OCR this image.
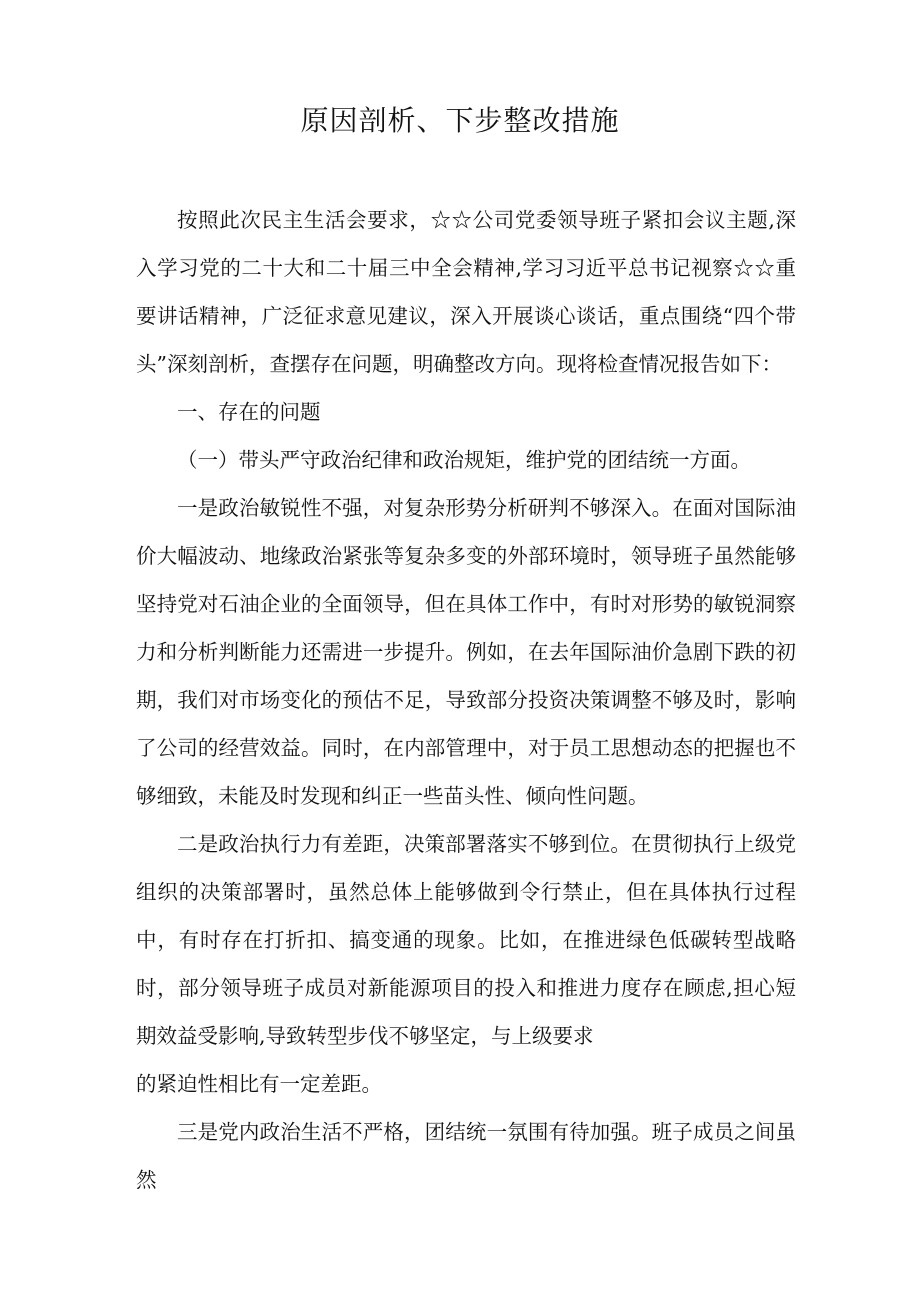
原因剖析、下步整改措施

按照此次民主生活会要求，☆☆公司党委领导班子紧扣会议主题,深入学习党的二十大和二十届三中全会精神,学习习近平总书记视察☆☆重要讲话精神，广泛征求意见建议，深入开展谈心谈话，重点围绕“四个带头”深刻剖析，查摆存在问题，明确整改方向。现将检查情况报告如下：

一、存在的问题

（一）带头严守政治纪律和政治规矩，维护党的团结统一方面。

一是政治敏锐性不强，对复杂形势分析研判不够深入。在面对国际油价大幅波动、地缘政治紧张等复杂多变的外部环境时，领导班子虽然能够坚持党对石油企业的全面领导，但在具体工作中，有时对形势的敏锐洞察力和分析判断能力还需进一步提升。例如，在去年国际油价急剧下跌的初期，我们对市场变化的预估不足，导致部分投资决策调整不够及时，影响了公司的经营效益。同时，在内部管理中，对于员工思想动态的把握也不够细致，未能及时发现和纠正一些苗头性、倾向性问题。

二是政治执行力有差距，决策部署落实不够到位。在贯彻执行上级党组织的决策部署时，虽然总体上能够做到令行禁止，但在具体执行过程中，有时存在打折扣、搞变通的现象。比如，在推进绿色低碳转型战略时，部分领导班子成员对新能源项目的投入和推进力度存在顾虑,担心短期效益受影响,导致转型步伐不够坚定，与上级要求

的紧迫性相比有一定差距。

三是党内政治生活不严格，团结统一氛围有待加强。班子成员之间虽然
